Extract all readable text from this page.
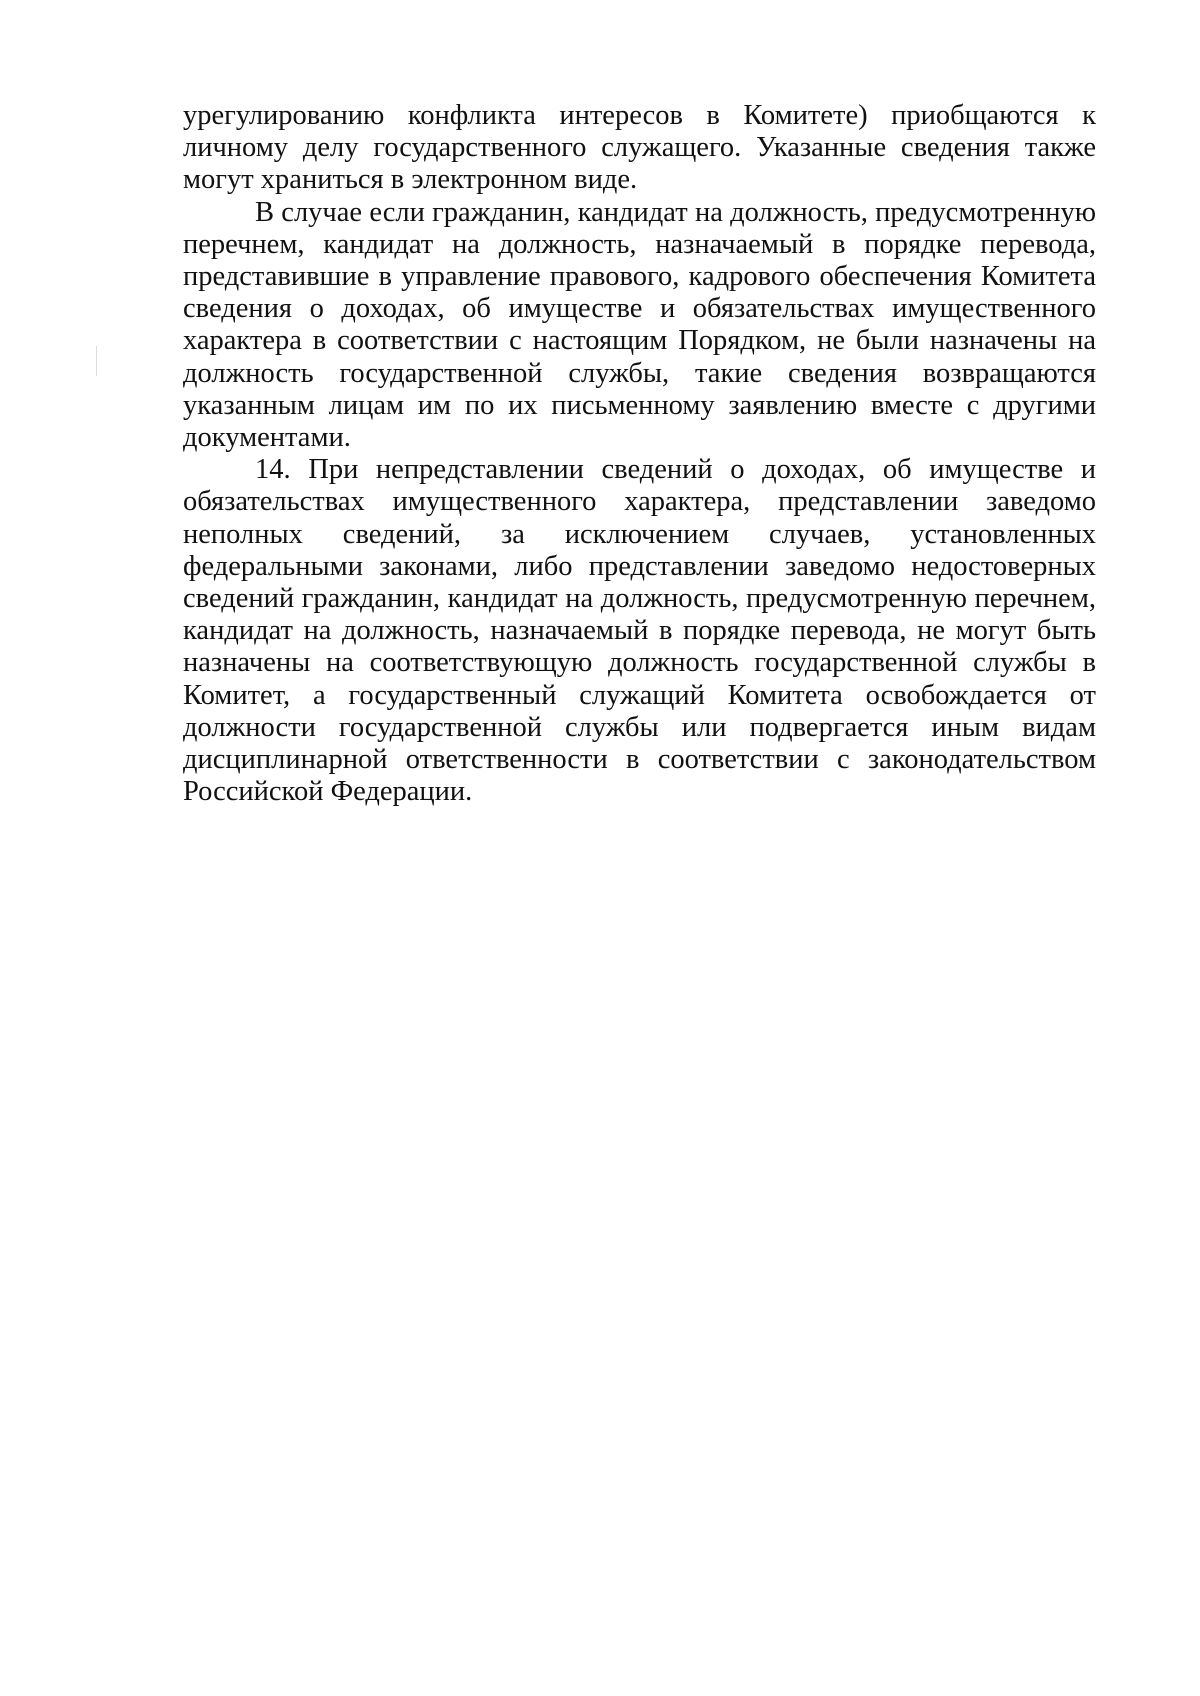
урегулированию конфликта интересов в Комитете) приобщаются к личному делу государственного служащего. Указанные сведения также могут храниться в электронном виде.

В случае если гражданин, кандидат на должность, предусмотренную перечнем, кандидат на должность, назначаемый в порядке перевода, представившие в управление правового, кадрового обеспечения Комитета сведения о доходах, об имуществе и обязательствах имущественного характера в соответствии с настоящим Порядком, не были назначены на должность государственной службы, такие сведения возвращаются указанным лицам им по их письменному заявлению вместе с другими документами.

14. При непредставлении сведений о доходах, об имуществе и обязательствах имущественного характера, представлении заведомо неполных сведений, за исключением случаев, установленных федеральными законами, либо представлении заведомо недостоверных сведений гражданин, кандидат на должность, предусмотренную перечнем, кандидат на должность, назначаемый в порядке перевода, не могут быть назначены на соответствующую должность государственной службы в Комитет, а государственный служащий Комитета освобождается от должности государственной службы или подвергается иным видам дисциплинарной ответственности в соответствии с законодательством Российской Федерации.
